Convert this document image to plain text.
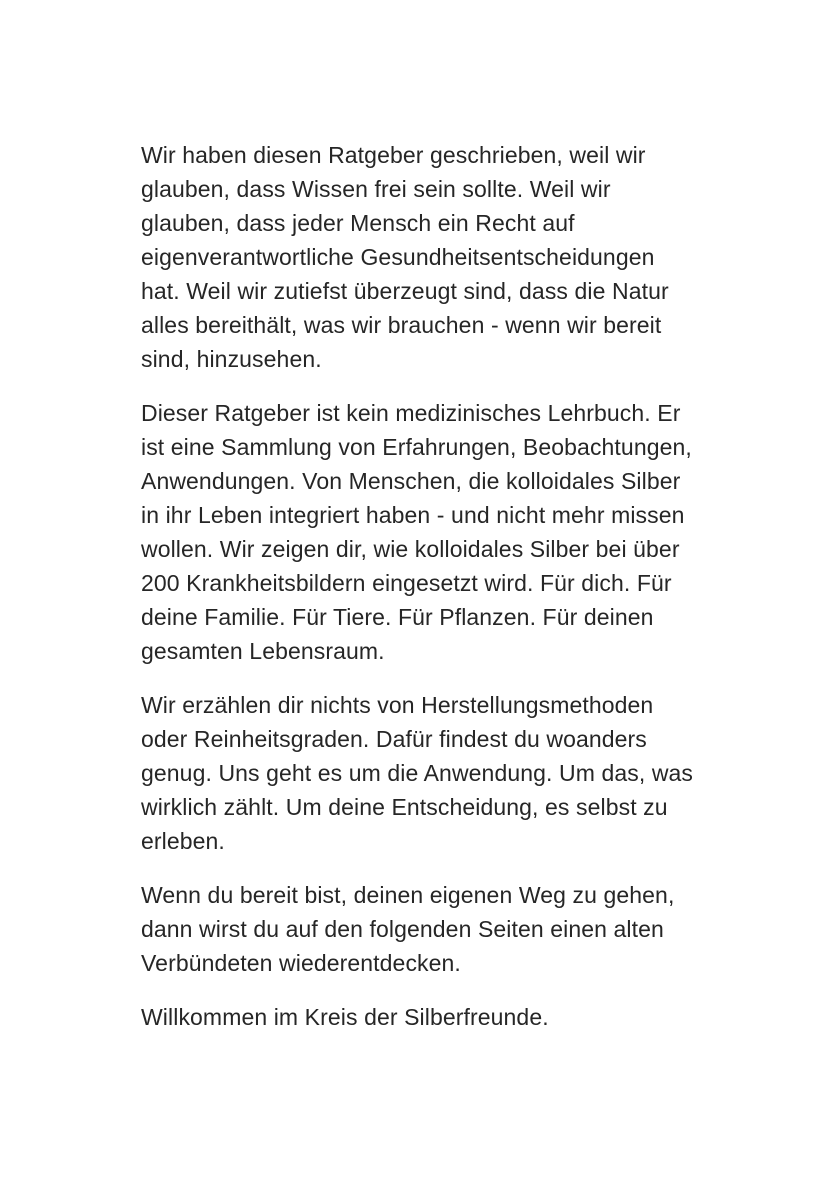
Wir haben diesen Ratgeber geschrieben, weil wir glauben, dass Wissen frei sein sollte. Weil wir glauben, dass jeder Mensch ein Recht auf eigenverantwortliche Gesundheitsentscheidungen hat. Weil wir zutiefst überzeugt sind, dass die Natur alles bereithält, was wir brauchen - wenn wir bereit sind, hinzusehen.

Dieser Ratgeber ist kein medizinisches Lehrbuch. Er ist eine Sammlung von Erfahrungen, Beobachtungen, Anwendungen. Von Menschen, die kolloidales Silber in ihr Leben integriert haben - und nicht mehr missen wollen. Wir zeigen dir, wie kolloidales Silber bei über 200 Krankheitsbildern eingesetzt wird. Für dich. Für deine Familie. Für Tiere. Für Pflanzen. Für deinen gesamten Lebensraum.

Wir erzählen dir nichts von Herstellungsmethoden oder Reinheitsgraden. Dafür findest du woanders genug. Uns geht es um die Anwendung. Um das, was wirklich zählt. Um deine Entscheidung, es selbst zu erleben.

Wenn du bereit bist, deinen eigenen Weg zu gehen, dann wirst du auf den folgenden Seiten einen alten Verbündeten wiederentdecken.

Willkommen im Kreis der Silberfreunde.
